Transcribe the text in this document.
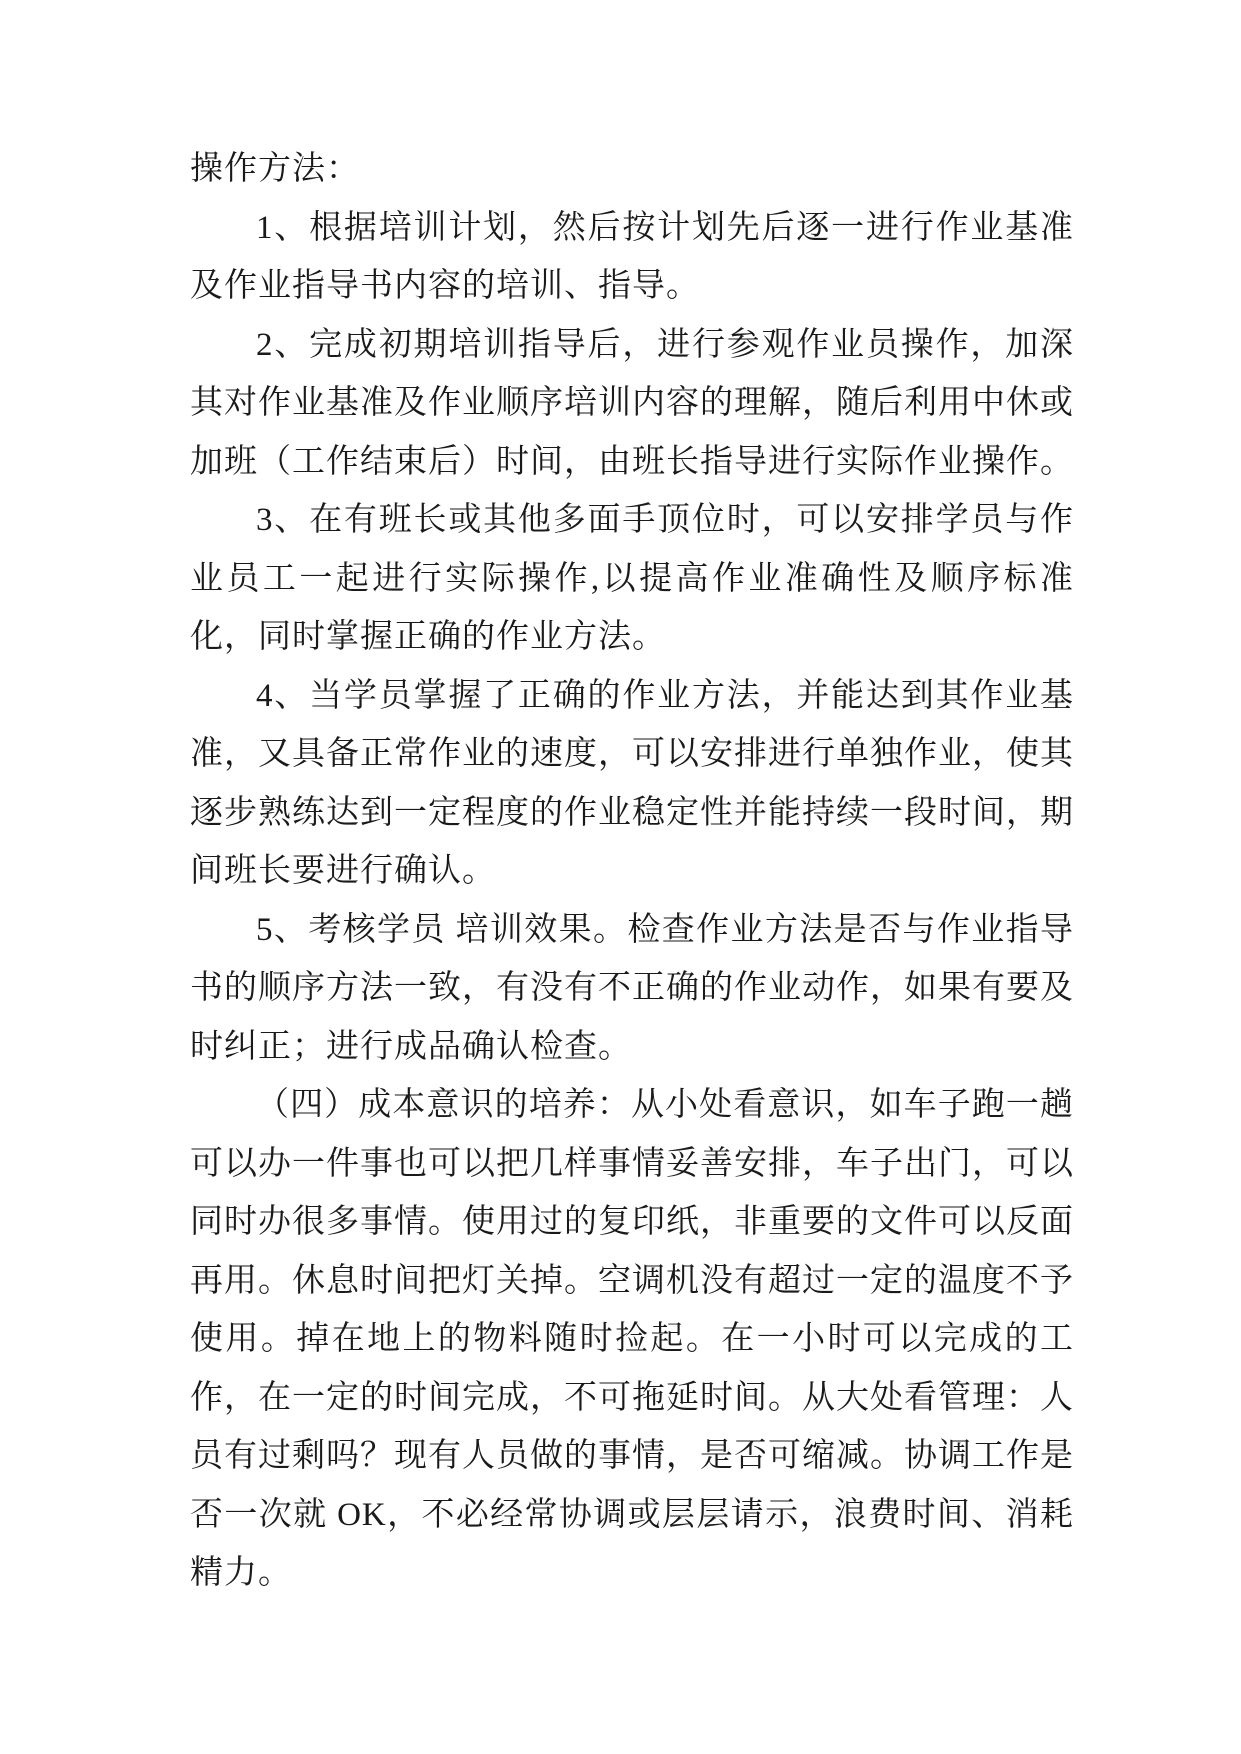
操作方法：

1、根据培训计划，然后按计划先后逐一进行作业基准及作业指导书内容的培训、指导。

2、完成初期培训指导后，进行参观作业员操作，加深其对作业基准及作业顺序培训内容的理解，随后利用中休或加班（工作结束后）时间，由班长指导进行实际作业操作。

3、在有班长或其他多面手顶位时，可以安排学员与作业员工一起进行实际操作,以提高作业准确性及顺序标准化，同时掌握正确的作业方法。

4、当学员掌握了正确的作业方法，并能达到其作业基准，又具备正常作业的速度，可以安排进行单独作业，使其逐步熟练达到一定程度的作业稳定性并能持续一段时间，期间班长要进行确认。

5、考核学员 培训效果。检查作业方法是否与作业指导书的顺序方法一致，有没有不正确的作业动作，如果有要及时纠正；进行成品确认检查。

（四）成本意识的培养：从小处看意识，如车子跑一趟可以办一件事也可以把几样事情妥善安排，车子出门，可以同时办很多事情。使用过的复印纸，非重要的文件可以反面再用。休息时间把灯关掉。空调机没有超过一定的温度不予使用。掉在地上的物料随时捡起。在一小时可以完成的工作，在一定的时间完成，不可拖延时间。从大处看管理：人员有过剩吗？现有人员做的事情，是否可缩减。协调工作是否一次就 OK，不必经常协调或层层请示，浪费时间、消耗精力。
